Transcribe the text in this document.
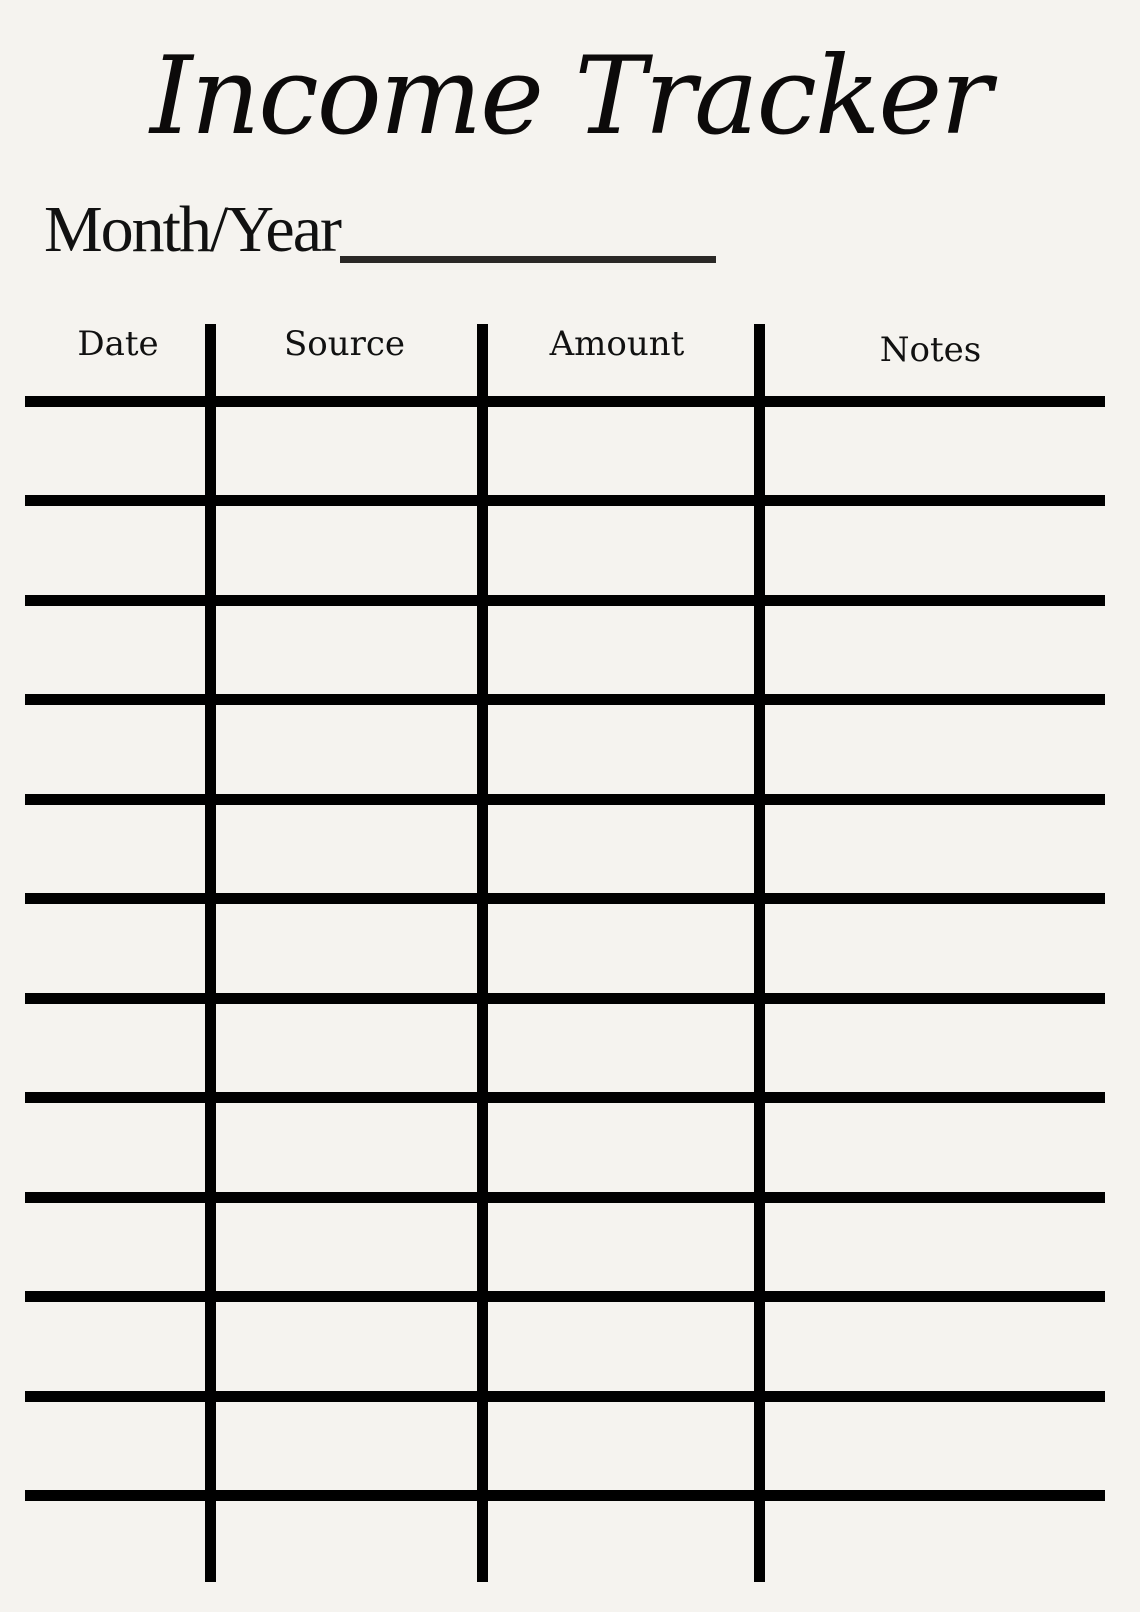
Income Tracker
Month/Year
Date	Source	Amount	Notes
